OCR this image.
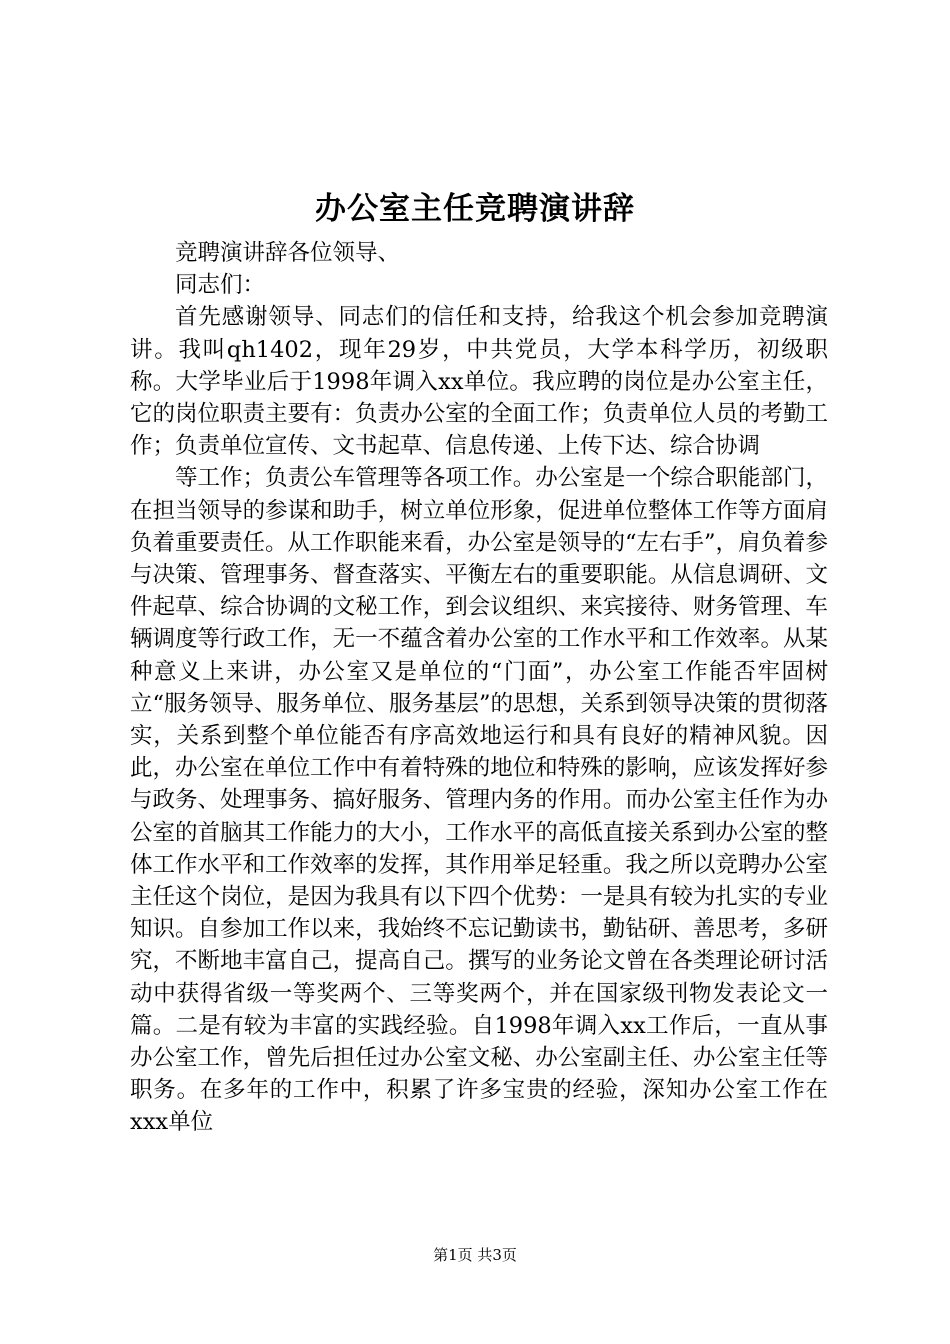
办公室主任竞聘演讲辞

竞聘演讲辞各位领导、

同志们：

首先感谢领导、同志们的信任和支持，给我这个机会参加竞聘演讲。我叫qh1402，现年29岁，中共党员，大学本科学历，初级职称。大学毕业后于1998年调入xx单位。我应聘的岗位是办公室主任，它的岗位职责主要有：负责办公室的全面工作；负责单位人员的考勤工作；负责单位宣传、文书起草、信息传递、上传下达、综合协调

等工作；负责公车管理等各项工作。办公室是一个综合职能部门，在担当领导的参谋和助手，树立单位形象，促进单位整体工作等方面肩负着重要责任。从工作职能来看，办公室是领导的“左右手”，肩负着参与决策、管理事务、督查落实、平衡左右的重要职能。从信息调研、文件起草、综合协调的文秘工作，到会议组织、来宾接待、财务管理、车辆调度等行政工作，无一不蕴含着办公室的工作水平和工作效率。从某种意义上来讲，办公室又是单位的“门面”，办公室工作能否牢固树立“服务领导、服务单位、服务基层”的思想，关系到领导决策的贯彻落实，关系到整个单位能否有序高效地运行和具有良好的精神风貌。因此，办公室在单位工作中有着特殊的地位和特殊的影响，应该发挥好参与政务、处理事务、搞好服务、管理内务的作用。而办公室主任作为办公室的首脑其工作能力的大小，工作水平的高低直接关系到办公室的整体工作水平和工作效率的发挥，其作用举足轻重。我之所以竞聘办公室主任这个岗位，是因为我具有以下四个优势：一是具有较为扎实的专业知识。自参加工作以来，我始终不忘记勤读书，勤钻研、善思考，多研究，不断地丰富自己，提高自己。撰写的业务论文曾在各类理论研讨活动中获得省级一等奖两个、三等奖两个，并在国家级刊物发表论文一篇。二是有较为丰富的实践经验。自1998年调入xx工作后，一直从事办公室工作，曾先后担任过办公室文秘、办公室副主任、办公室主任等职务。在多年的工作中，积累了许多宝贵的经验，深知办公室工作在xxx单位

第1页 共3页
